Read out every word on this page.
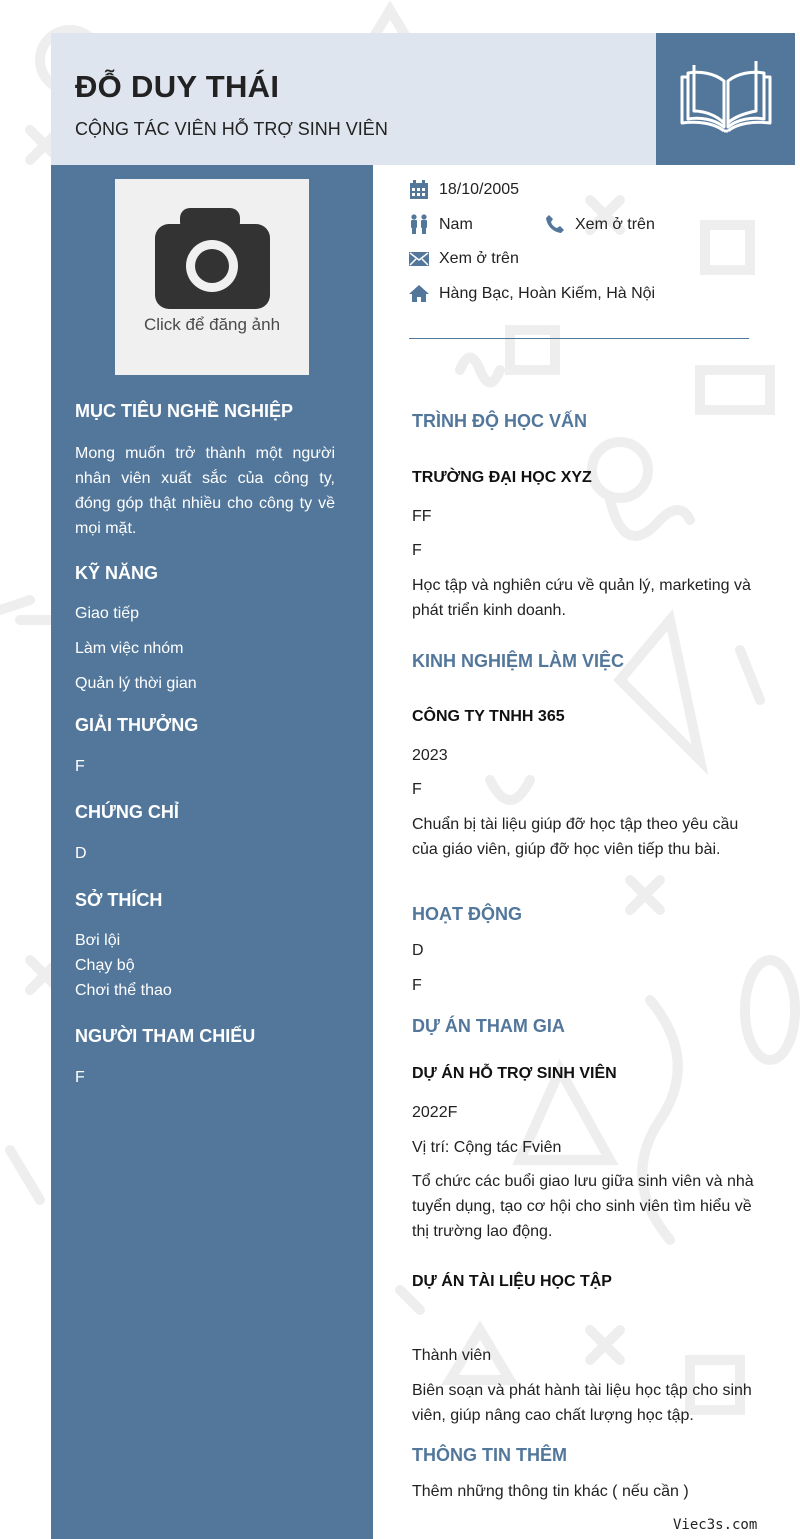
ĐỖ DUY THÁI
CỘNG TÁC VIÊN HỖ TRỢ SINH VIÊN
Click để đăng ảnh
MỤC TIÊU NGHỀ NGHIỆP
Mong muốn trở thành một người nhân viên xuất sắc của công ty, đóng góp thật nhiều cho công ty về mọi mặt.
KỸ NĂNG
Giao tiếp
Làm việc nhóm
Quản lý thời gian
GIẢI THƯỞNG
F
CHỨNG CHỈ
D
SỞ THÍCH
Bơi lội
Chạy bộ
Chơi thể thao
NGƯỜI THAM CHIẾU
F
18/10/2005
Nam	Xem ở trên
Xem ở trên
Hàng Bạc, Hoàn Kiếm, Hà Nội
TRÌNH ĐỘ HỌC VẤN
TRƯỜNG ĐẠI HỌC XYZ
FF
F
Học tập và nghiên cứu về quản lý, marketing và phát triển kinh doanh.
KINH NGHIỆM LÀM VIỆC
CÔNG TY TNHH 365
2023
F
Chuẩn bị tài liệu giúp đỡ học tập theo yêu cầu của giáo viên, giúp đỡ học viên tiếp thu bài.
HOẠT ĐỘNG
D
F
DỰ ÁN THAM GIA
DỰ ÁN HỖ TRỢ SINH VIÊN
2022F
Vị trí: Cộng tác Fviên
Tổ chức các buổi giao lưu giữa sinh viên và nhà tuyển dụng, tạo cơ hội cho sinh viên tìm hiểu về thị trường lao động.
DỰ ÁN TÀI LIỆU HỌC TẬP
Thành viên
Biên soạn và phát hành tài liệu học tập cho sinh viên, giúp nâng cao chất lượng học tập.
THÔNG TIN THÊM
Thêm những thông tin khác ( nếu cần )
Viec3s.com
